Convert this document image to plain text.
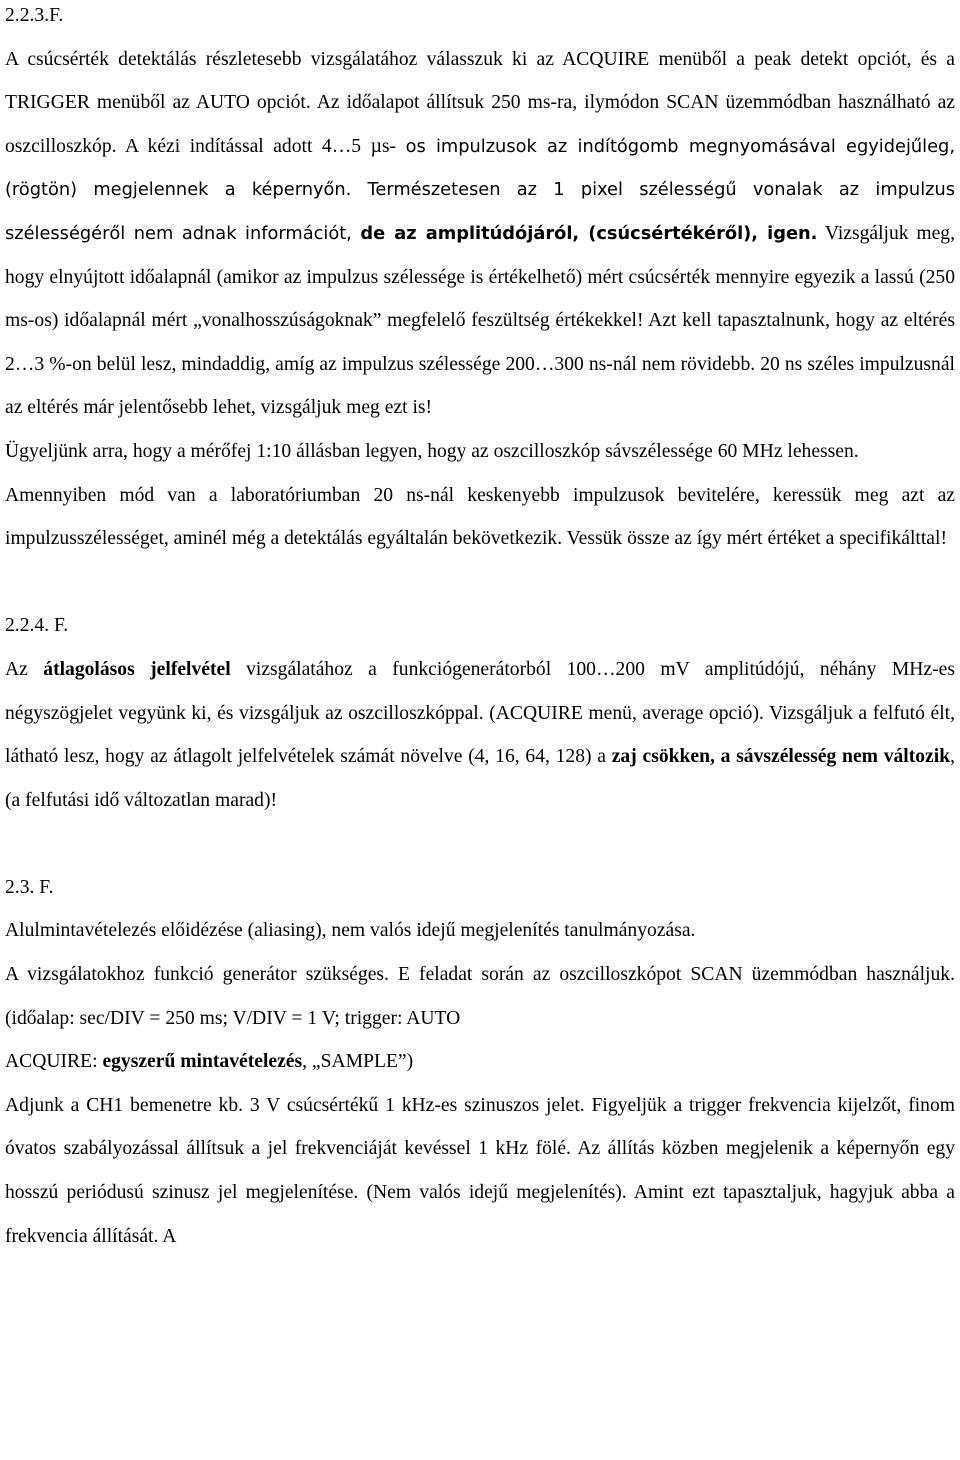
2.2.3.F.

A csúcsérték detektálás részletesebb vizsgálatához válasszuk ki az ACQUIRE menüből a peak detekt opciót, és a TRIGGER menüből az AUTO opciót. Az időalapot állítsuk 250 ms-ra, ilymódon SCAN üzemmódban használható az oszcilloszkóp. A kézi indítással adott 4…5 µs- os impulzusok az indítógomb megnyomásával egyidejűleg, (rögtön) megjelennek a képernyőn. Természetesen az 1 pixel szélességű vonalak az impulzus szélességéről nem adnak információt, de az amplitúdójáról, (csúcsértékéről), igen. Vizsgáljuk meg, hogy elnyújtott időalapnál (amikor az impulzus szélessége is értékelhető) mért csúcsérték mennyire egyezik a lassú (250 ms-os) időalapnál mért „vonalhosszúságoknak” megfelelő feszültség értékekkel! Azt kell tapasztalnunk, hogy az eltérés 2…3 %-on belül lesz, mindaddig, amíg az impulzus szélessége 200…300 ns-nál nem rövidebb. 20 ns széles impulzusnál az eltérés már jelentősebb lehet, vizsgáljuk meg ezt is!

Ügyeljünk arra, hogy a mérőfej 1:10 állásban legyen, hogy az oszcilloszkóp sávszélessége 60 MHz lehessen.

Amennyiben mód van a laboratóriumban 20 ns-nál keskenyebb impulzusok bevitelére, keressük meg azt az impulzusszélességet, aminél még a detektálás egyáltalán bekövetkezik. Vessük össze az így mért értéket a specifikálttal!

2.2.4. F.

Az átlagolásos jelfelvétel vizsgálatához a funkciógenerátorból 100…200 mV amplitúdójú, néhány MHz-es négyszögjelet vegyünk ki, és vizsgáljuk az oszcilloszkóppal. (ACQUIRE menü, average opció). Vizsgáljuk a felfutó élt, látható lesz, hogy az átlagolt jelfelvételek számát növelve (4, 16, 64, 128) a zaj csökken, a sávszélesség nem változik, (a felfutási idő változatlan marad)!

2.3. F.

Alulmintavételezés előidézése (aliasing), nem valós idejű megjelenítés tanulmányozása.

A vizsgálatokhoz funkció generátor szükséges. E feladat során az oszcilloszkópot SCAN üzemmódban használjuk. (időalap: sec/DIV = 250 ms; V/DIV = 1 V; trigger: AUTO
ACQUIRE: egyszerű mintavételezés, „SAMPLE”)

Adjunk a CH1 bemenetre kb. 3 V csúcsértékű 1 kHz-es szinuszos jelet. Figyeljük a trigger frekvencia kijelzőt, finom óvatos szabályozással állítsuk a jel frekvenciáját kevéssel 1 kHz fölé. Az állítás közben megjelenik a képernyőn egy hosszú periódusú szinusz jel megjelenítése. (Nem valós idejű megjelenítés). Amint ezt tapasztaljuk, hagyjuk abba a frekvencia állítását. A
